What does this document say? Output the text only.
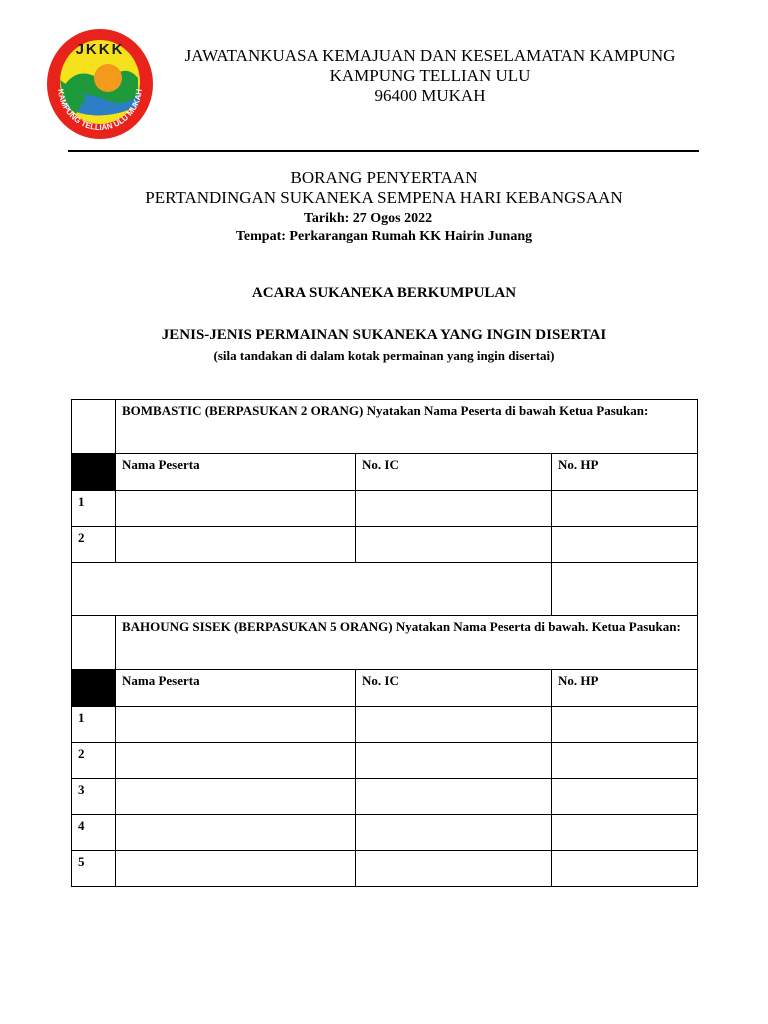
JKKK
KAMPUNG TELLIAN ULU MUKAH
JAWATANKUASA KEMAJUAN DAN KESELAMATAN KAMPUNG
KAMPUNG TELLIAN ULU
96400 MUKAH
BORANG PENYERTAAN
PERTANDINGAN SUKANEKA SEMPENA HARI KEBANGSAAN
Tarikh: 27 Ogos 2022
Tempat: Perkarangan Rumah KK Hairin Junang
ACARA SUKANEKA BERKUMPULAN
JENIS-JENIS PERMAINAN SUKANEKA YANG INGIN DISERTAI
(sila tandakan di dalam kotak permainan yang ingin disertai)
	BOMBASTIC (BERPASUKAN 2 ORANG) Nyatakan Nama Peserta di bawah Ketua Pasukan:		
	Nama Peserta	No. IC	No. HP
1			
2			

	BAHOUNG SISEK (BERPASUKAN 5 ORANG) Nyatakan Nama Peserta di bawah. Ketua Pasukan:		
	Nama Peserta	No. IC	No. HP
1			
2			
3			
4			
5			
